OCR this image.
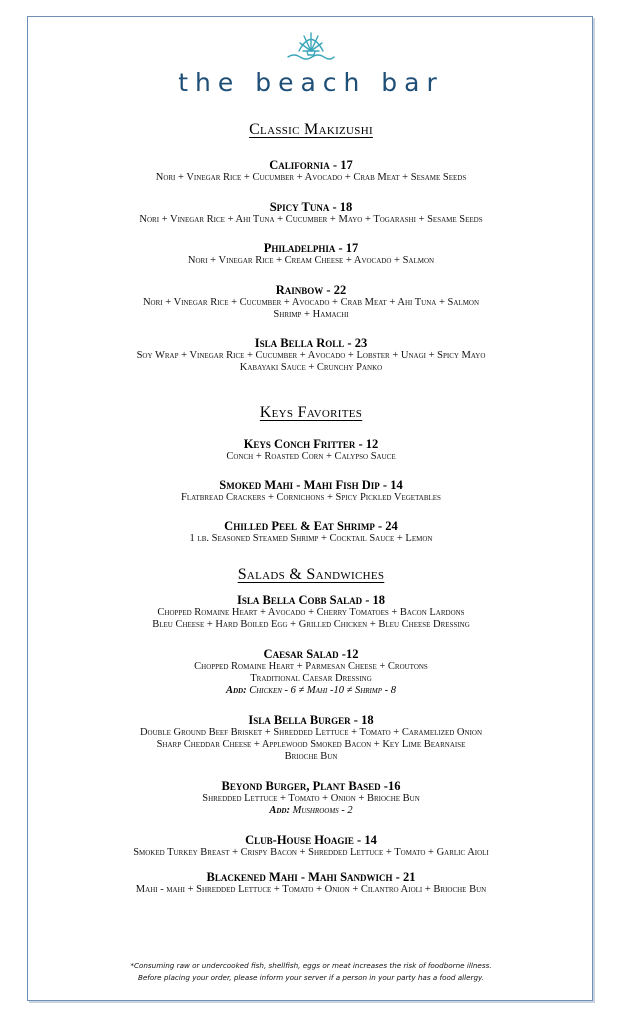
the beach bar
Classic Makizushi
California - 17
Nori + Vinegar Rice + Cucumber + Avocado + Crab Meat + Sesame Seeds
Spicy Tuna - 18
Nori + Vinegar Rice + Ahi Tuna + Cucumber + Mayo + Togarashi + Sesame Seeds
Philadelphia - 17
Nori + Vinegar Rice + Cream Cheese + Avocado + Salmon
Rainbow - 22
Nori + Vinegar Rice + Cucumber + Avocado + Crab Meat + Ahi Tuna + Salmon
Shrimp + Hamachi
Isla Bella Roll - 23
Soy Wrap + Vinegar Rice + Cucumber + Avocado + Lobster + Unagi + Spicy Mayo
Kabayaki Sauce + Crunchy Panko
Keys Favorites
Keys Conch Fritter - 12
Conch + Roasted Corn + Calypso Sauce
Smoked Mahi - Mahi Fish Dip - 14
Flatbread Crackers + Cornichons + Spicy Pickled Vegetables
Chilled Peel & Eat Shrimp - 24
1 lb. Seasoned Steamed Shrimp + Cocktail Sauce + Lemon
Salads & Sandwiches
Isla Bella Cobb Salad - 18
Chopped Romaine Heart + Avocado + Cherry Tomatoes + Bacon Lardons
Bleu Cheese + Hard Boiled Egg + Grilled Chicken + Bleu Cheese Dressing
Caesar Salad -12
Chopped Romaine Heart + Parmesan Cheese + Croutons
Traditional Caesar Dressing
Add: Chicken - 6 ≠ Mahi -10 ≠ Shrimp - 8
Isla Bella Burger - 18
Double Ground Beef Brisket + Shredded Lettuce + Tomato + Caramelized Onion
Sharp Cheddar Cheese + Applewood Smoked Bacon + Key Lime Bearnaise
Brioche Bun
Beyond Burger, Plant Based -16
Shredded Lettuce + Tomato + Onion + Brioche Bun
Add: Mushrooms - 2
Club-House Hoagie - 14
Smoked Turkey Breast + Crispy Bacon + Shredded Lettuce + Tomato + Garlic Aioli
Blackened Mahi - Mahi Sandwich - 21
Mahi - mahi + Shredded Lettuce + Tomato + Onion + Cilantro Aioli + Brioche Bun
*Consuming raw or undercooked fish, shellfish, eggs or meat increases the risk of foodborne illness.
Before placing your order, please inform your server if a person in your party has a food allergy.
